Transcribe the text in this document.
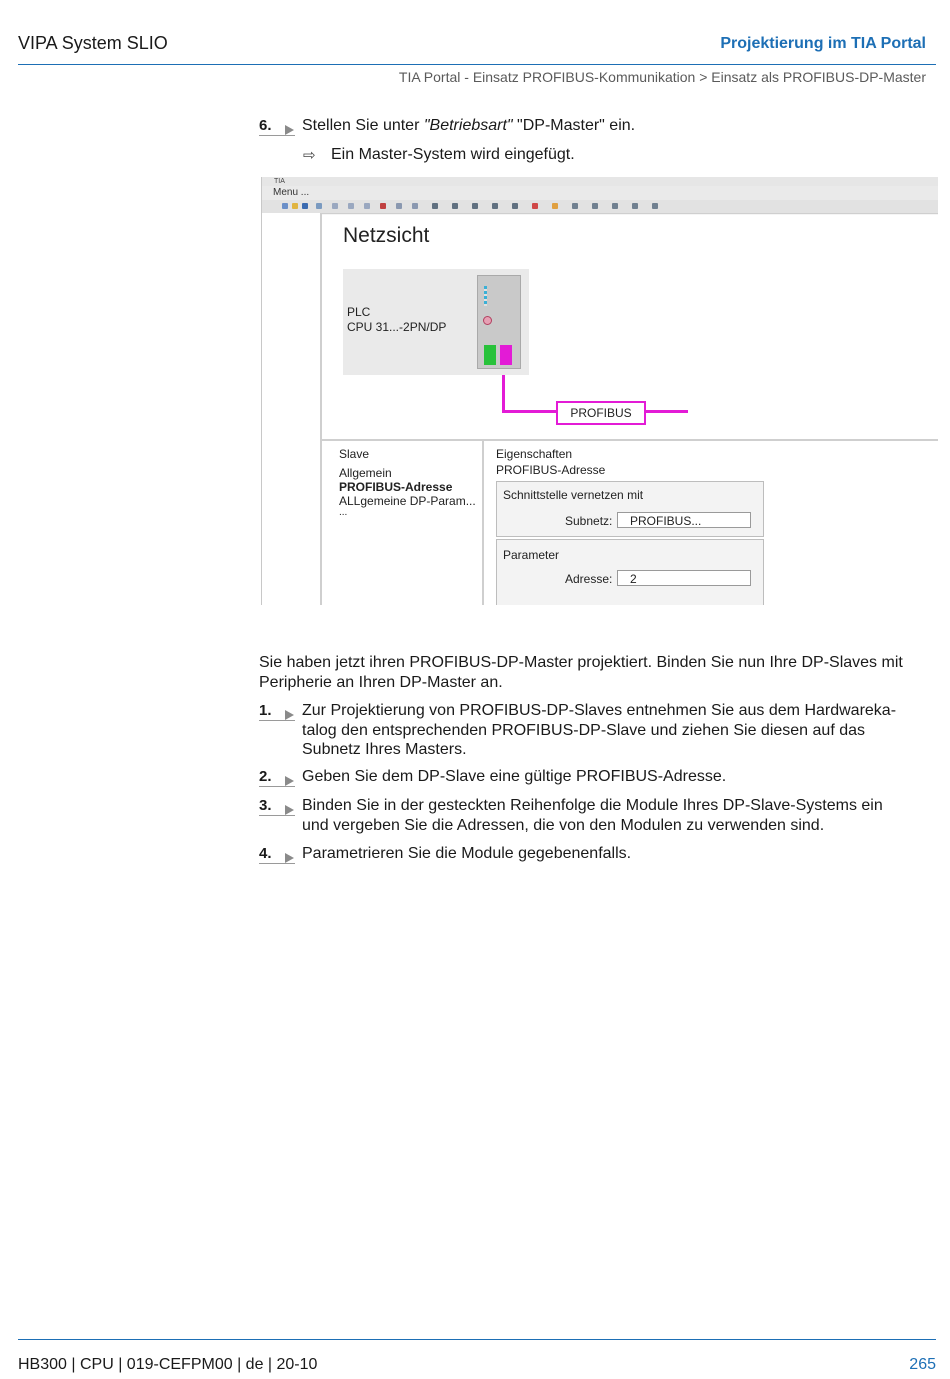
VIPA System SLIO	Projektierung im TIA Portal
TIA Portal - Einsatz PROFIBUS-Kommunikation > Einsatz als PROFIBUS-DP-Master
6.	Stellen Sie unter "Betriebsart" "DP-Master" ein.
⇨ Ein Master-System wird eingefügt.
TIA
Menu ...
Netzsicht
PLC
CPU 31...-2PN/DP
PROFIBUS
Slave
Allgemein
PROFIBUS-Adresse
ALLgemeine DP-Param...
...
Eigenschaften
PROFIBUS-Adresse
Schnittstelle vernetzen mit
Subnetz:	PROFIBUS...
Parameter
Adresse:	2
Sie haben jetzt ihren PROFIBUS-DP-Master projektiert. Binden Sie nun Ihre DP-Slaves mit Peripherie an Ihren DP-Master an.
1.	Zur Projektierung von PROFIBUS-DP-Slaves entnehmen Sie aus dem Hardwareka-
talog den entsprechenden PROFIBUS-DP-Slave und ziehen Sie diesen auf das
Subnetz Ihres Masters.
2.	Geben Sie dem DP-Slave eine gültige PROFIBUS-Adresse.
3.	Binden Sie in der gesteckten Reihenfolge die Module Ihres DP-Slave-Systems ein
und vergeben Sie die Adressen, die von den Modulen zu verwenden sind.
4.	Parametrieren Sie die Module gegebenenfalls.
HB300 | CPU | 019-CEFPM00 | de | 20-10	265
